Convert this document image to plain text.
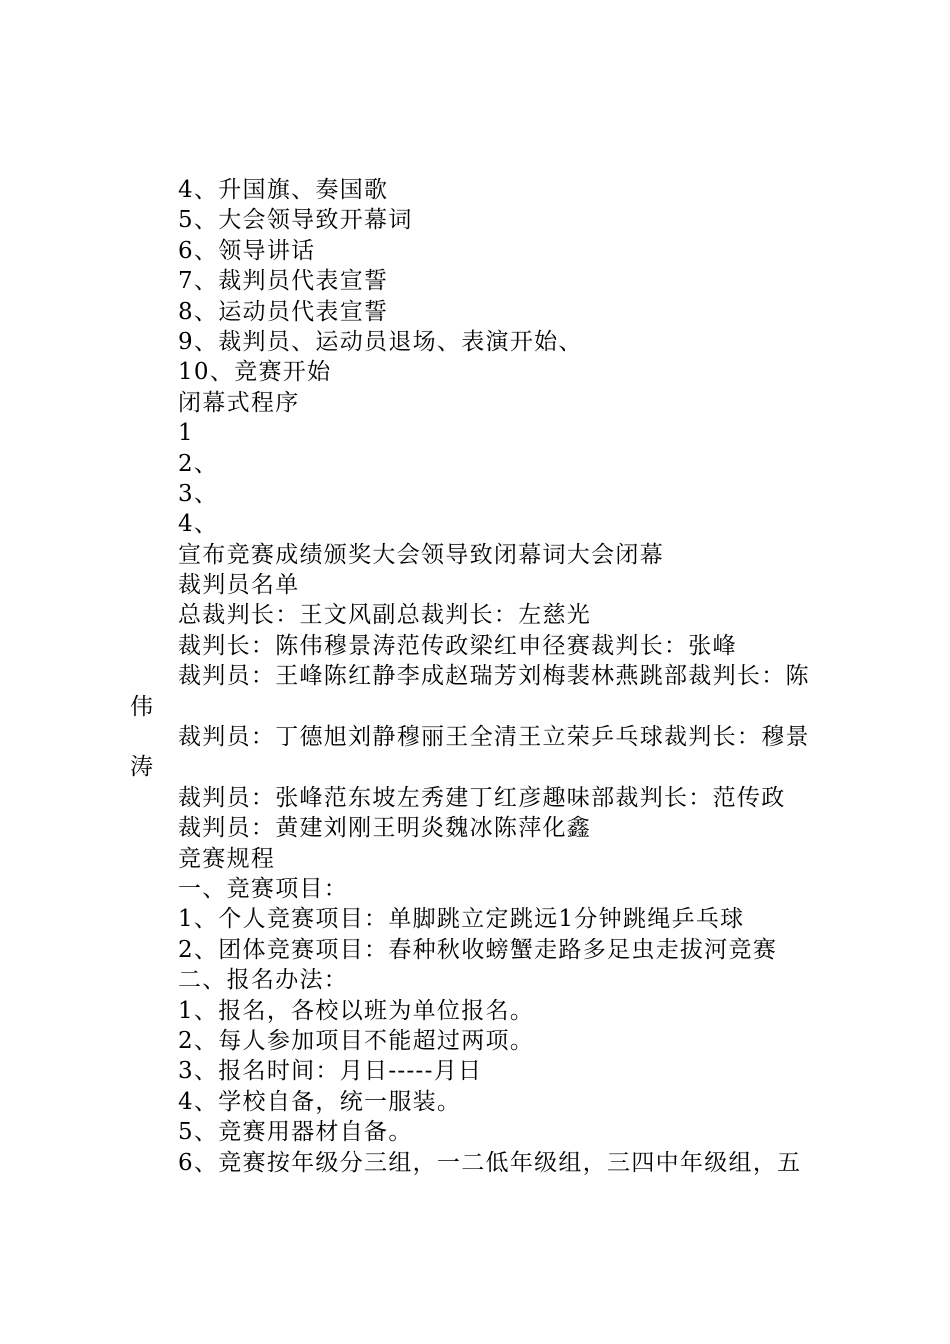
4、升国旗、奏国歌

5、大会领导致开幕词

6、领导讲话

7、裁判员代表宣誓

8、运动员代表宣誓

9、裁判员、运动员退场、表演开始、

10、竞赛开始

闭幕式程序

1

2、

3、

4、

宣布竞赛成绩颁奖大会领导致闭幕词大会闭幕

裁判员名单

总裁判长：王文风副总裁判长：左慈光

裁判长：陈伟穆景涛范传政梁红申径赛裁判长：张峰

裁判员：王峰陈红静李成赵瑞芳刘梅裴林燕跳部裁判长：陈伟

裁判员：丁德旭刘静穆丽王全清王立荣乒乓球裁判长：穆景涛

裁判员：张峰范东坡左秀建丁红彦趣味部裁判长：范传政

裁判员：黄建刘刚王明炎魏冰陈萍化鑫

竞赛规程

一、竞赛项目：

1、个人竞赛项目：单脚跳立定跳远1分钟跳绳乒乓球

2、团体竞赛项目：春种秋收螃蟹走路多足虫走拔河竞赛

二、报名办法：

1、报名，各校以班为单位报名。

2、每人参加项目不能超过两项。

3、报名时间：月日-----月日

4、学校自备，统一服装。

5、竞赛用器材自备。

6、竞赛按年级分三组，一二低年级组，三四中年级组，五
